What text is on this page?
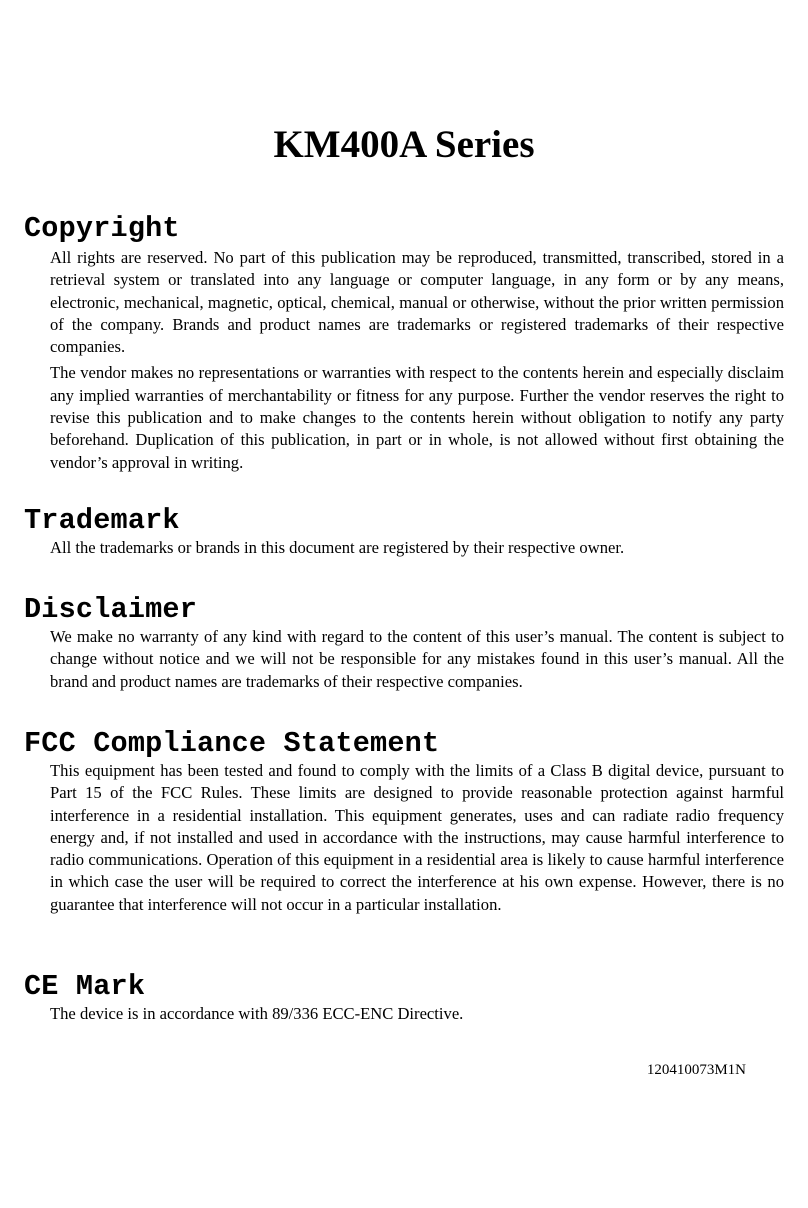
KM400A Series
Copyright

All rights are reserved. No part of this publication may be reproduced, transmitted, transcribed, stored in a retrieval system or translated into any language or computer language, in any form or by any means, electronic, mechanical, magnetic, optical, chemical, manual or otherwise, without the prior written permission of the company. Brands and product names are trademarks or registered trademarks of their respective companies.

The vendor makes no representations or warranties with respect to the contents herein and especially disclaim any implied warranties of merchantability or fitness for any purpose. Further the vendor reserves the right to revise this publication and to make changes to the contents herein without obligation to notify any party beforehand. Duplication of this publication, in part or in whole, is not allowed without first obtaining the vendor’s approval in writing.

Trademark

All the trademarks or brands in this document are registered by their respective owner.

Disclaimer

We make no warranty of any kind with regard to the content of this user’s manual. The content is subject to change without notice and we will not be responsible for any mistakes found in this user’s manual. All the brand and product names are trademarks of their respective companies.

FCC Compliance Statement

This equipment has been tested and found to comply with the limits of a Class B digital device, pursuant to Part 15 of the FCC Rules. These limits are designed to provide reasonable protection against harmful interference in a residential installation. This equipment generates, uses and can radiate radio frequency energy and, if not installed and used in accordance with the instructions, may cause harmful interference to radio communications. Operation of this equipment in a residential area is likely to cause harmful interference in which case the user will be required to correct the interference at his own expense. However, there is no guarantee that interference will not occur in a particular installation.

CE Mark

The device is in accordance with 89/336 ECC-ENC Directive.

120410073M1N
